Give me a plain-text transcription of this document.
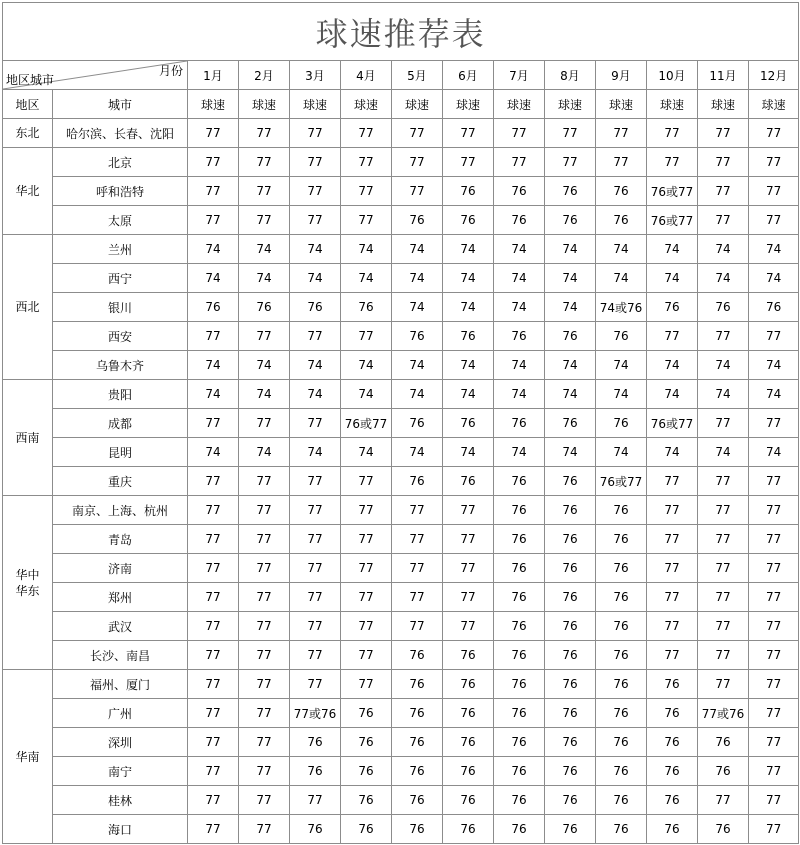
球速推荐表													

月份
地区城市		1月	2月	3月	4月	5月	6月	7月	8月	9月	10月	11月	12月
地区	城市	球速	球速	球速	球速	球速	球速	球速	球速	球速	球速	球速	球速
东北	哈尔滨、长春、沈阳	77	77	77	77	77	77	77	77	77	77	77	77
华北	北京	77	77	77	77	77	77	77	77	77	77	77	77
	呼和浩特	77	77	77	77	77	76	76	76	76	76或77	77	77
	太原	77	77	77	77	76	76	76	76	76	76或77	77	77
西北	兰州	74	74	74	74	74	74	74	74	74	74	74	74
	西宁	74	74	74	74	74	74	74	74	74	74	74	74
	银川	76	76	76	76	74	74	74	74	74或76	76	76	76
	西安	77	77	77	77	76	76	76	76	76	77	77	77
	乌鲁木齐	74	74	74	74	74	74	74	74	74	74	74	74
西南	贵阳	74	74	74	74	74	74	74	74	74	74	74	74
	成都	77	77	77	76或77	76	76	76	76	76	76或77	77	77
	昆明	74	74	74	74	74	74	74	74	74	74	74	74
	重庆	77	77	77	77	76	76	76	76	76或77	77	77	77
华中
华东	南京、上海、杭州	77	77	77	77	77	77	76	76	76	77	77	77
	青岛	77	77	77	77	77	77	76	76	76	77	77	77
	济南	77	77	77	77	77	77	76	76	76	77	77	77
	郑州	77	77	77	77	77	77	76	76	76	77	77	77
	武汉	77	77	77	77	77	77	76	76	76	77	77	77
	长沙、南昌	77	77	77	77	76	76	76	76	76	77	77	77
华南	福州、厦门	77	77	77	77	76	76	76	76	76	76	77	77
	广州	77	77	77或76	76	76	76	76	76	76	76	77或76	77
	深圳	77	77	76	76	76	76	76	76	76	76	76	77
	南宁	77	77	76	76	76	76	76	76	76	76	76	77
	桂林	77	77	77	76	76	76	76	76	76	76	77	77
	海口	77	77	76	76	76	76	76	76	76	76	76	77
